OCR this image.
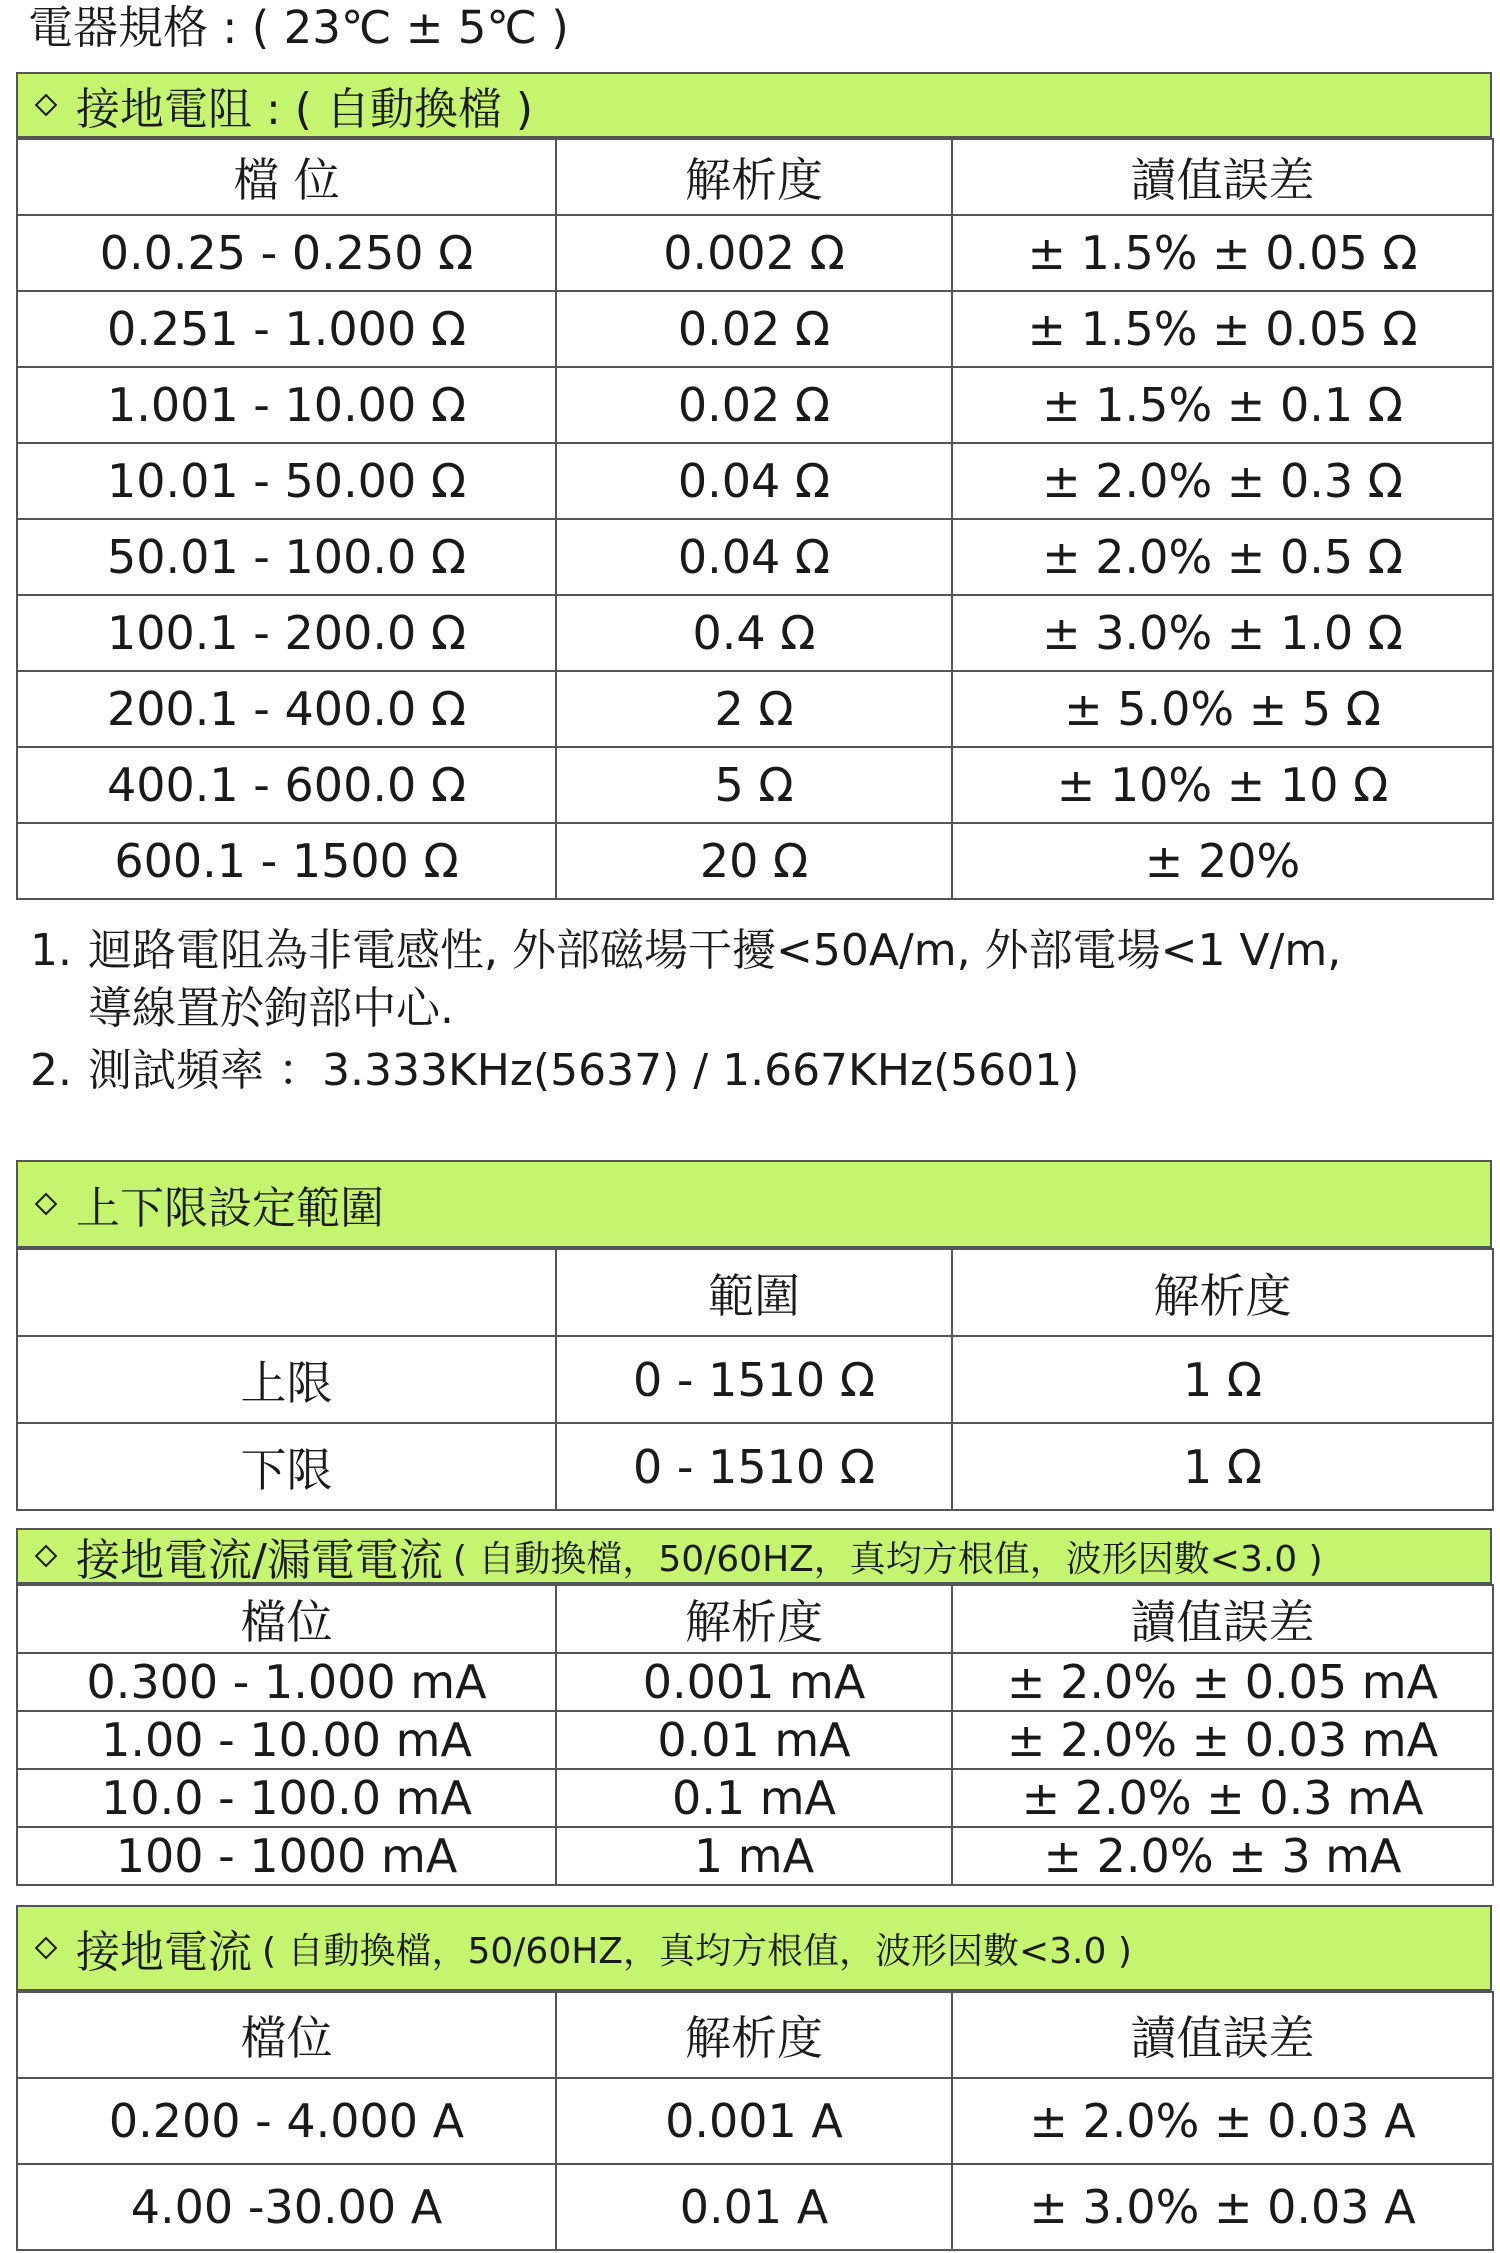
電器規格 : ( 23℃ ± 5℃ )
接地電阻 : ( 自動換檔 )
檔 位	解析度	讀值誤差
0.0.25 - 0.250 Ω	0.002 Ω	± 1.5% ± 0.05 Ω
0.251 - 1.000 Ω	0.02 Ω	± 1.5% ± 0.05 Ω
1.001 - 10.00 Ω	0.02 Ω	± 1.5% ± 0.1 Ω
10.01 - 50.00 Ω	0.04 Ω	± 2.0% ± 0.3 Ω
50.01 - 100.0 Ω	0.04 Ω	± 2.0% ± 0.5 Ω
100.1 - 200.0 Ω	0.4 Ω	± 3.0% ± 1.0 Ω
200.1 - 400.0 Ω	2 Ω	± 5.0% ± 5 Ω
400.1 - 600.0 Ω	5 Ω	± 10% ± 10 Ω
600.1 - 1500 Ω	20 Ω	± 20%
1. 迴路電阻為非電感性, 外部磁場干擾<50A/m, 外部電場<1 V/m,
導線置於鉤部中心.
2. 測試頻率 ：3.333KHz(5637) / 1.667KHz(5601)
上下限設定範圍
	範圍	解析度
上限	0 - 1510 Ω	1 Ω
下限	0 - 1510 Ω	1 Ω
接地電流/漏電電流 ( 自動換檔，50/60HZ，真均方根值，波形因數<3.0 )
檔位	解析度	讀值誤差
0.300 - 1.000 mA	0.001 mA	± 2.0% ± 0.05 mA
1.00 - 10.00 mA	0.01 mA	± 2.0% ± 0.03 mA
10.0 - 100.0 mA	0.1 mA	± 2.0% ± 0.3 mA
100 - 1000 mA	1 mA	± 2.0% ± 3 mA
接地電流 ( 自動換檔，50/60HZ，真均方根值，波形因數<3.0 )
檔位	解析度	讀值誤差
0.200 - 4.000 A	0.001 A	± 2.0% ± 0.03 A
4.00 -30.00 A	0.01 A	± 3.0% ± 0.03 A
